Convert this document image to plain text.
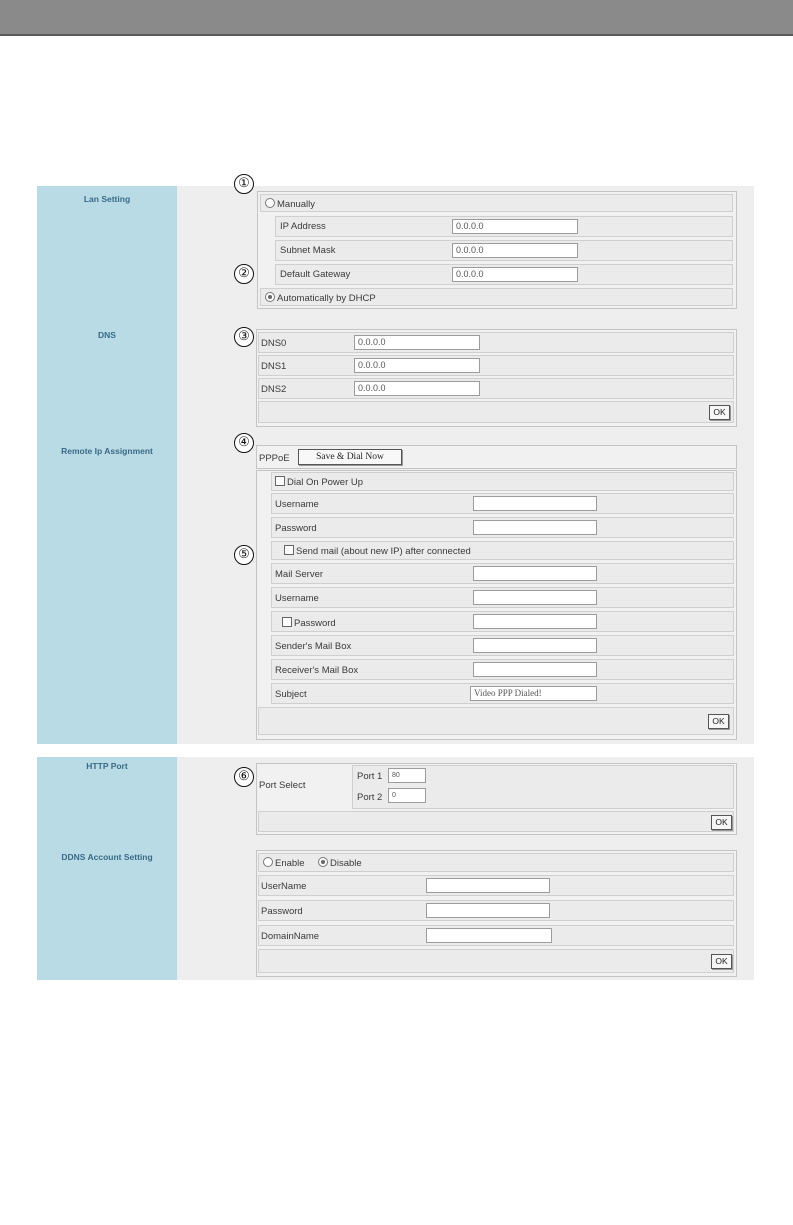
Lan Setting
DNS
Remote Ip Assignment
Manually
IP Address	0.0.0.0
Subnet Mask	0.0.0.0
Default Gateway	0.0.0.0
Automatically by DHCP
DNS0	0.0.0.0
DNS1	0.0.0.0
DNS2	0.0.0.0
OK
PPPoE	Save & Dial Now
Dial On Power Up
Username
Password
Send mail (about new IP) after connected
Mail Server
Username
Password
Sender's Mail Box
Receiver's Mail Box
Subject	Video PPP Dialed!
OK
HTTP Port
DDNS Account Setting
Port Select
Port 1	80
Port 2	0
OK
Enable	Disable
UserName
Password
DomainName
OK
①
②
③
④
⑤
⑥
